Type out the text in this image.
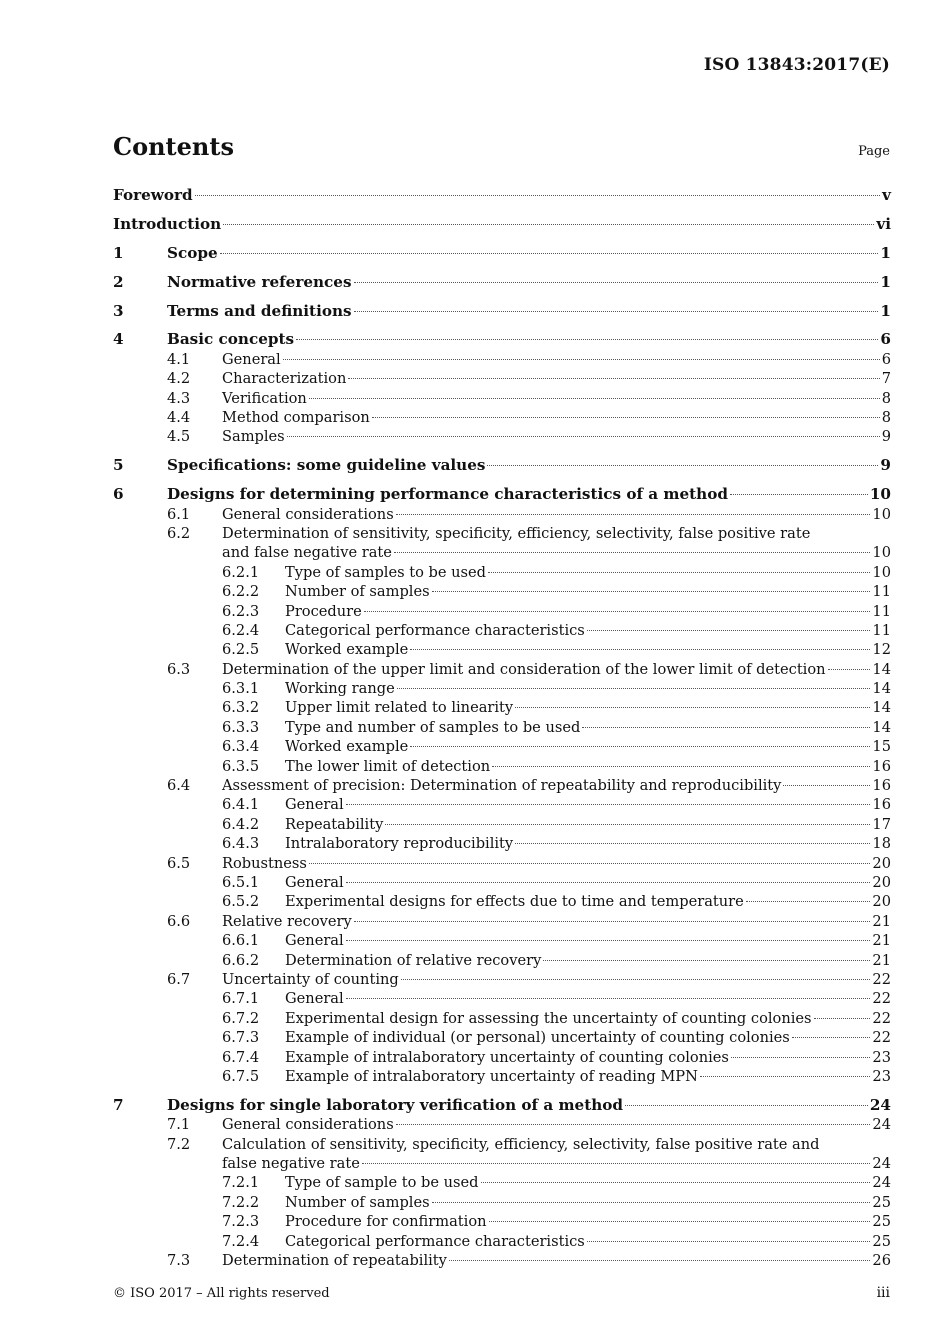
ISO 13843:2017(E)
Contents	Page
Foreword	v
Introduction	vi
1	Scope	1
2	Normative references	1
3	Terms and definitions	1
4	Basic concepts	6
4.1 General	6
4.2 Characterization	7
4.3 Verification	8
4.4 Method comparison	8
4.5 Samples	9
5	Specifications: some guideline values	9
6	Designs for determining performance characteristics of a method	10
6.1 General considerations	10
6.2 Determination of sensitivity, specificity, efficiency, selectivity, false positive rate
and false negative rate	10
6.2.1 Type of samples to be used	10
6.2.2 Number of samples	11
6.2.3 Procedure	11
6.2.4 Categorical performance characteristics	11
6.2.5 Worked example	12
6.3 Determination of the upper limit and consideration of the lower limit of detection	14
6.3.1 Working range	14
6.3.2 Upper limit related to linearity	14
6.3.3 Type and number of samples to be used	14
6.3.4 Worked example	15
6.3.5 The lower limit of detection	16
6.4 Assessment of precision: Determination of repeatability and reproducibility	16
6.4.1 General	16
6.4.2 Repeatability	17
6.4.3 Intralaboratory reproducibility	18
6.5 Robustness	20
6.5.1 General	20
6.5.2 Experimental designs for effects due to time and temperature	20
6.6 Relative recovery	21
6.6.1 General	21
6.6.2 Determination of relative recovery	21
6.7 Uncertainty of counting	22
6.7.1 General	22
6.7.2 Experimental design for assessing the uncertainty of counting colonies	22
6.7.3 Example of individual (or personal) uncertainty of counting colonies	22
6.7.4 Example of intralaboratory uncertainty of counting colonies	23
6.7.5 Example of intralaboratory uncertainty of reading MPN	23
7	Designs for single laboratory verification of a method	24
7.1 General considerations	24
7.2 Calculation of sensitivity, specificity, efficiency, selectivity, false positive rate and
false negative rate	24
7.2.1 Type of sample to be used	24
7.2.2 Number of samples	25
7.2.3 Procedure for confirmation	25
7.2.4 Categorical performance characteristics	25
7.3 Determination of repeatability	26
© ISO 2017 – All rights reserved	iii
